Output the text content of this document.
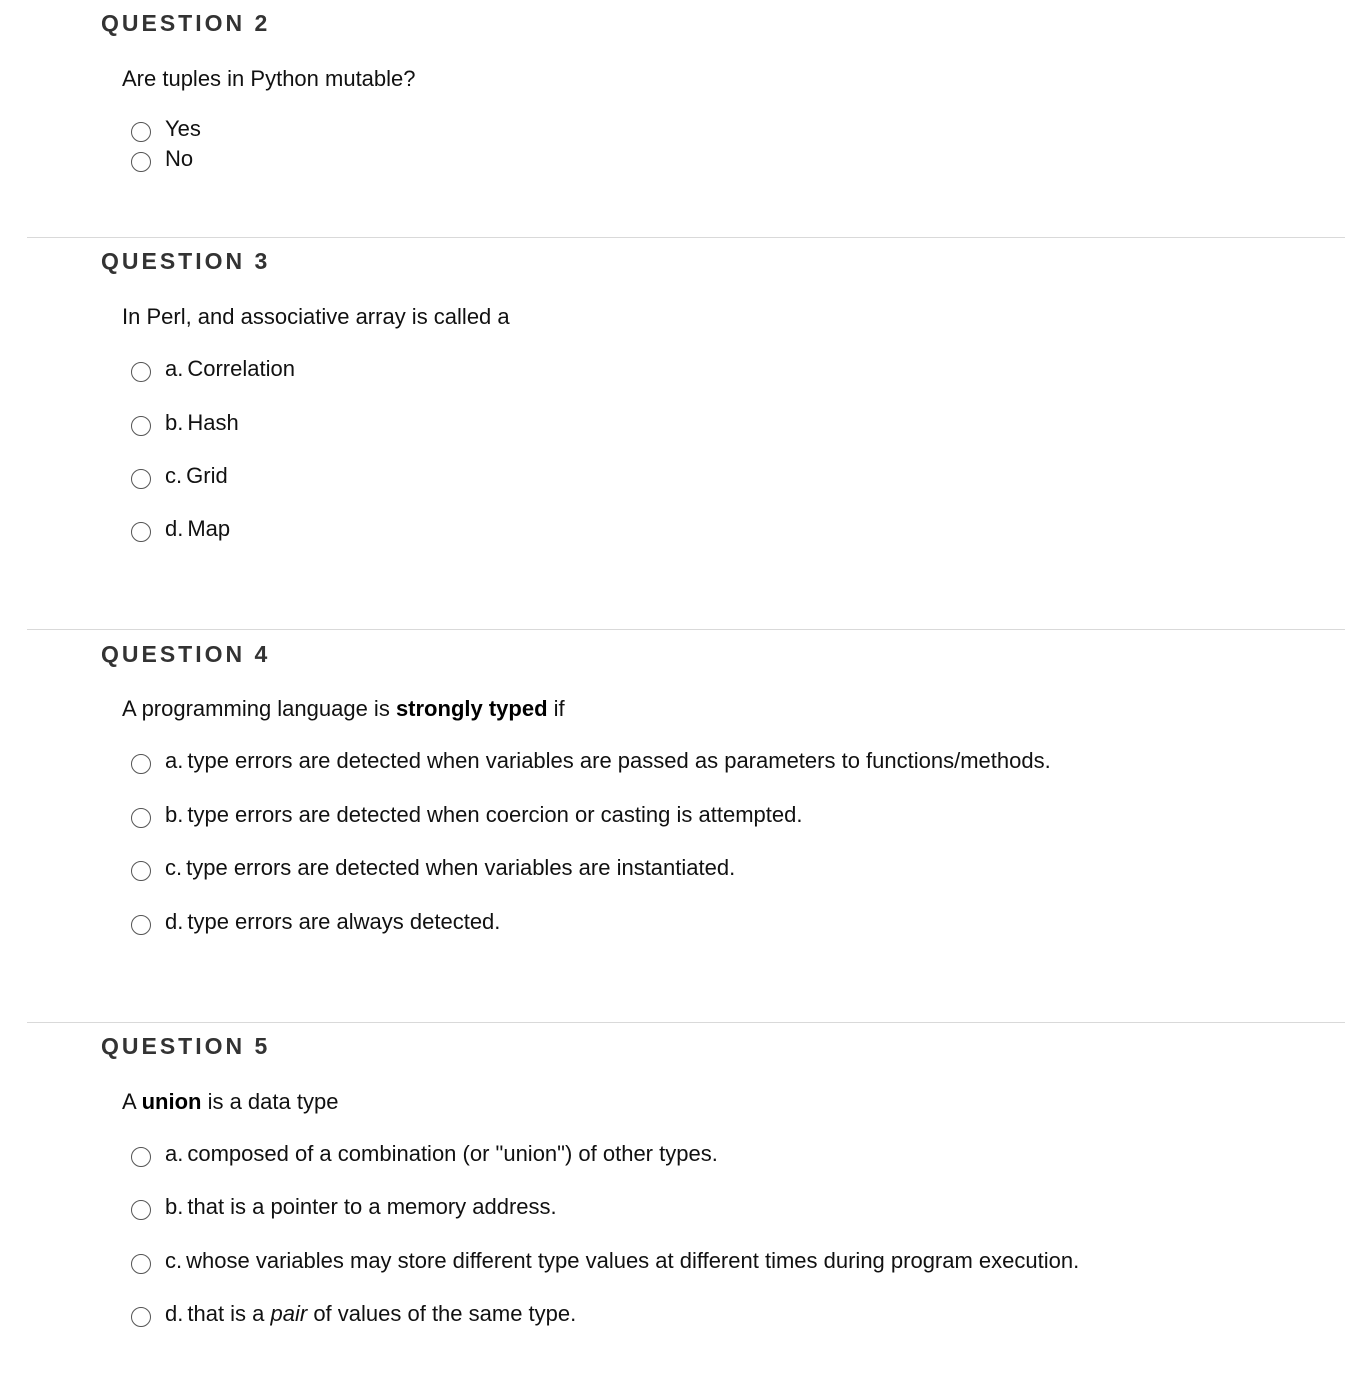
QUESTION 2
Are tuples in Python mutable?
Yes
No
QUESTION 3
In Perl, and associative array is called a
a. Correlation
b. Hash
c. Grid
d. Map
QUESTION 4
A programming language is strongly typed if
a. type errors are detected when variables are passed as parameters to functions/methods.
b. type errors are detected when coercion or casting is attempted.
c. type errors are detected when variables are instantiated.
d. type errors are always detected.
QUESTION 5
A union is a data type
a. composed of a combination (or "union") of other types.
b. that is a pointer to a memory address.
c. whose variables may store different type values at different times during program execution.
d. that is a pair of values of the same type.
